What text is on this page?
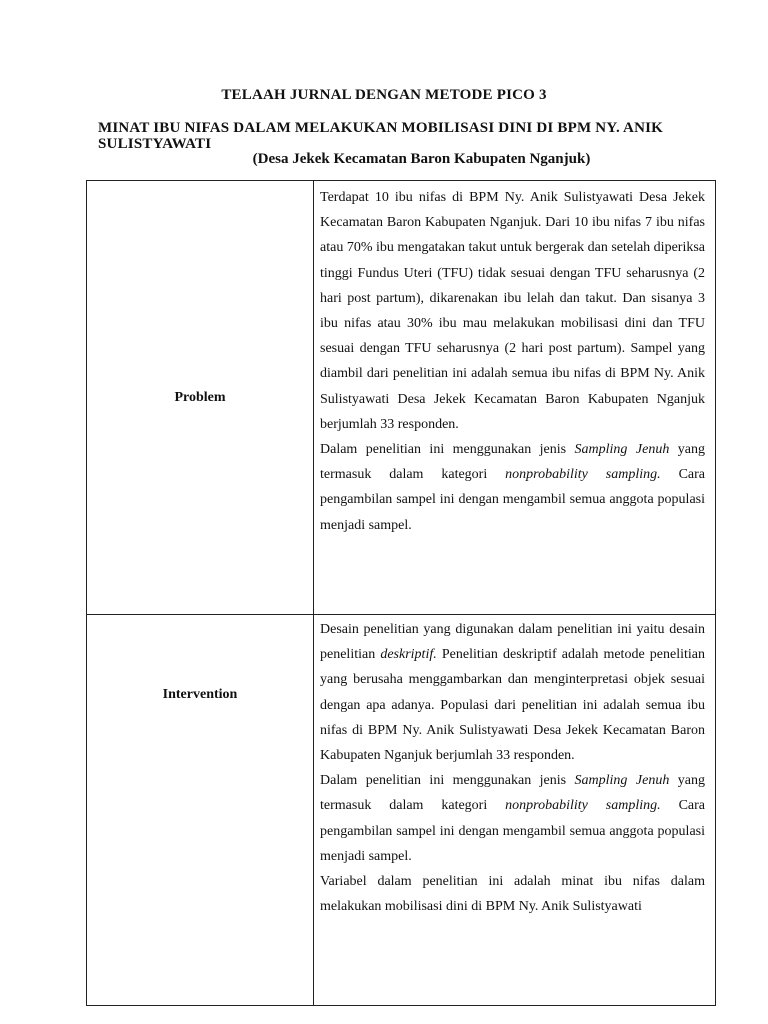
TELAAH JURNAL DENGAN METODE PICO 3
MINAT IBU NIFAS DALAM MELAKUKAN MOBILISASI DINI DI BPM NY. ANIK SULISTYAWATI
(Desa Jekek Kecamatan Baron Kabupaten Nganjuk)
Problem	Terdapat 10 ibu nifas di BPM Ny. Anik Sulistyawati Desa Jekek Kecamatan Baron Kabupaten Nganjuk. Dari 10 ibu nifas 7 ibu nifas atau 70% ibu mengatakan takut untuk bergerak dan setelah diperiksa tinggi Fundus Uteri (TFU) tidak sesuai dengan TFU seharusnya (2 hari post partum), dikarenakan ibu lelah dan takut. Dan sisanya 3 ibu nifas atau 30% ibu mau melakukan mobilisasi dini dan TFU sesuai dengan TFU seharusnya (2 hari post partum). Sampel yang diambil dari penelitian ini adalah semua ibu nifas di BPM Ny. Anik Sulistyawati Desa Jekek Kecamatan Baron Kabupaten Nganjuk berjumlah 33 responden.

Dalam penelitian ini menggunakan jenis Sampling Jenuh yang termasuk dalam kategori nonprobability sampling. Cara pengambilan sampel ini dengan mengambil semua anggota populasi menjadi sampel.

Intervention	Desain penelitian yang digunakan dalam penelitian ini yaitu desain penelitian deskriptif. Penelitian deskriptif adalah metode penelitian yang berusaha menggambarkan dan menginterpretasi objek sesuai dengan apa adanya. Populasi dari penelitian ini adalah semua ibu nifas di BPM Ny. Anik Sulistyawati Desa Jekek Kecamatan Baron Kabupaten Nganjuk berjumlah 33 responden.

Dalam penelitian ini menggunakan jenis Sampling Jenuh yang termasuk dalam kategori nonprobability sampling. Cara pengambilan sampel ini dengan mengambil semua anggota populasi menjadi sampel.

Variabel dalam penelitian ini adalah minat ibu nifas dalam melakukan mobilisasi dini di BPM Ny. Anik Sulistyawati
